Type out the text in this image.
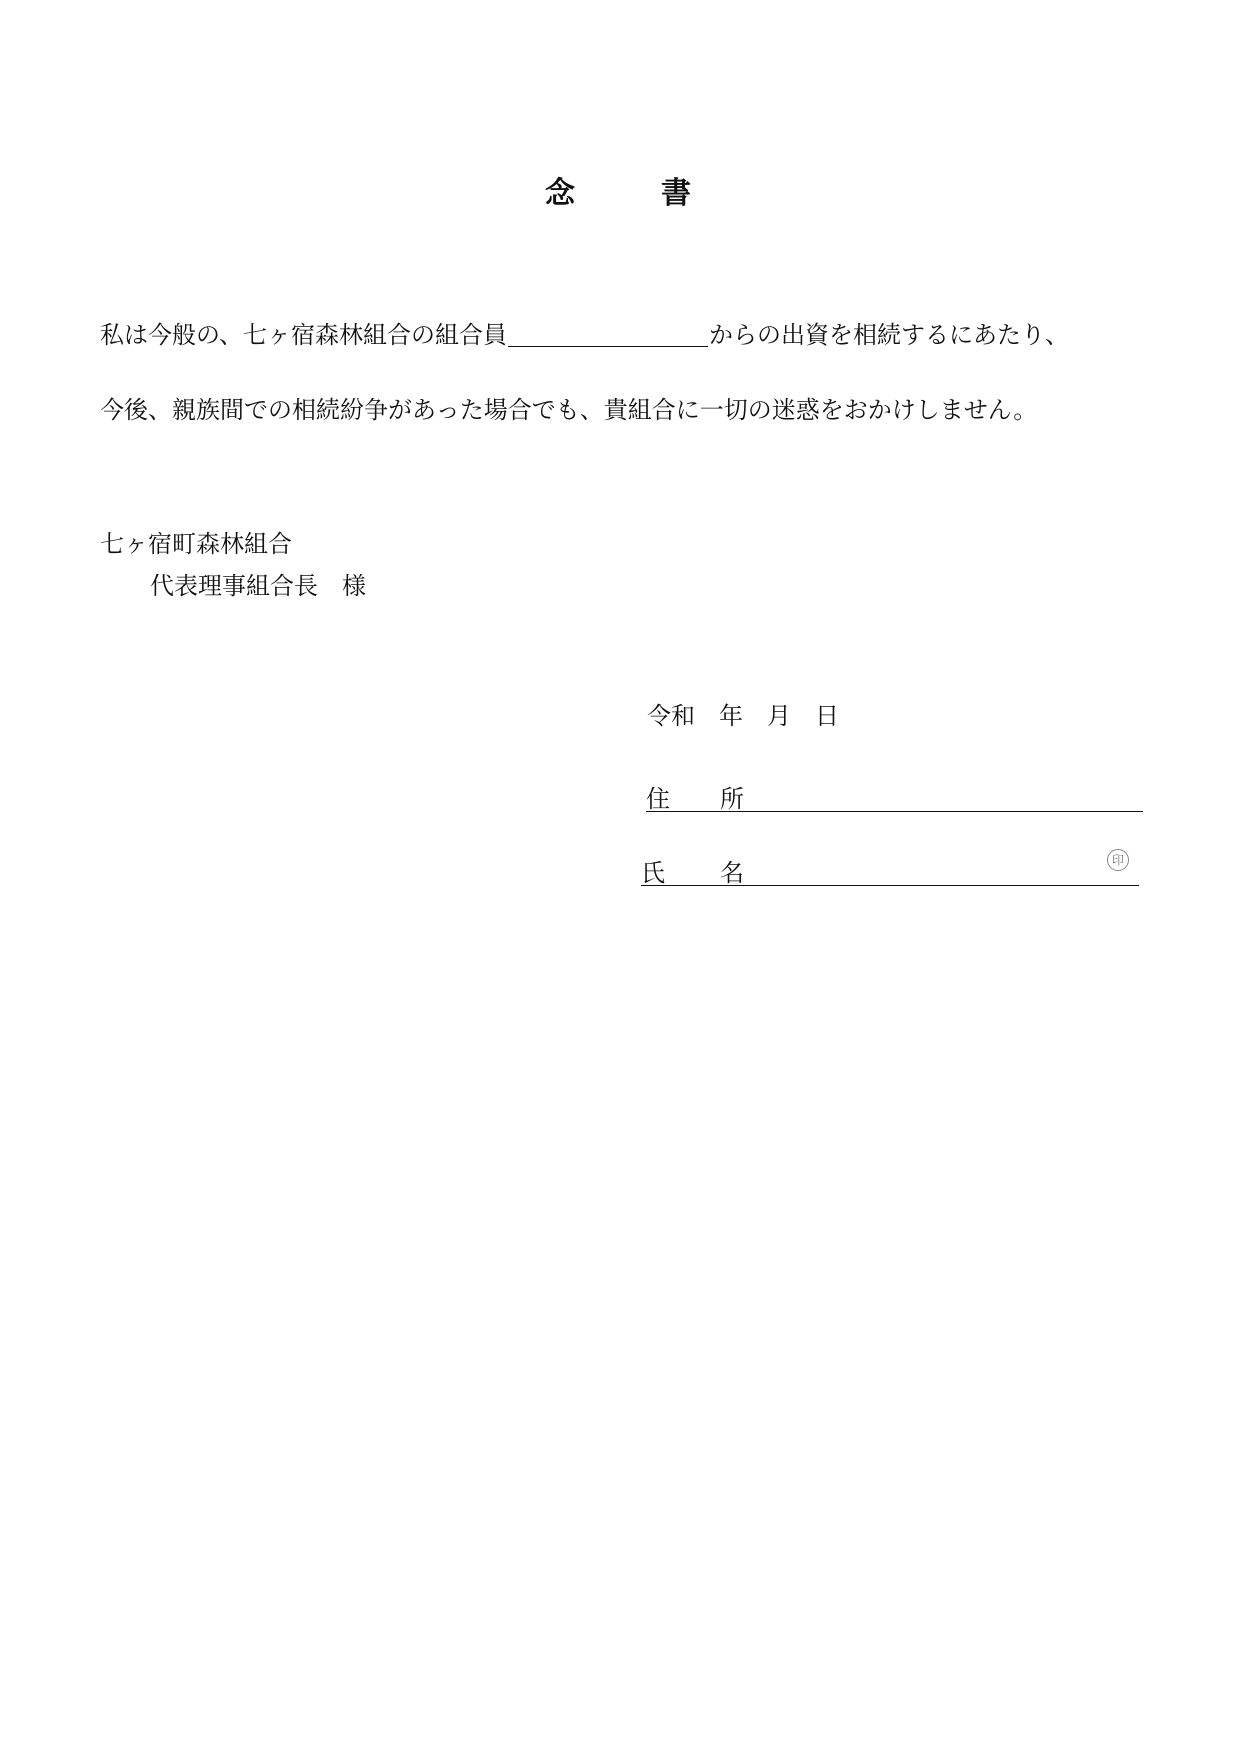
念	書
私は今般の、七ヶ宿森林組合の組合員	からの出資を相続するにあたり、
今後、親族間での相続紛争があった場合でも、貴組合に一切の迷惑をおかけしません。
七ヶ宿町森林組合
代表理事組合長　様
令和　年　月　日
住 所
氏 名	印
